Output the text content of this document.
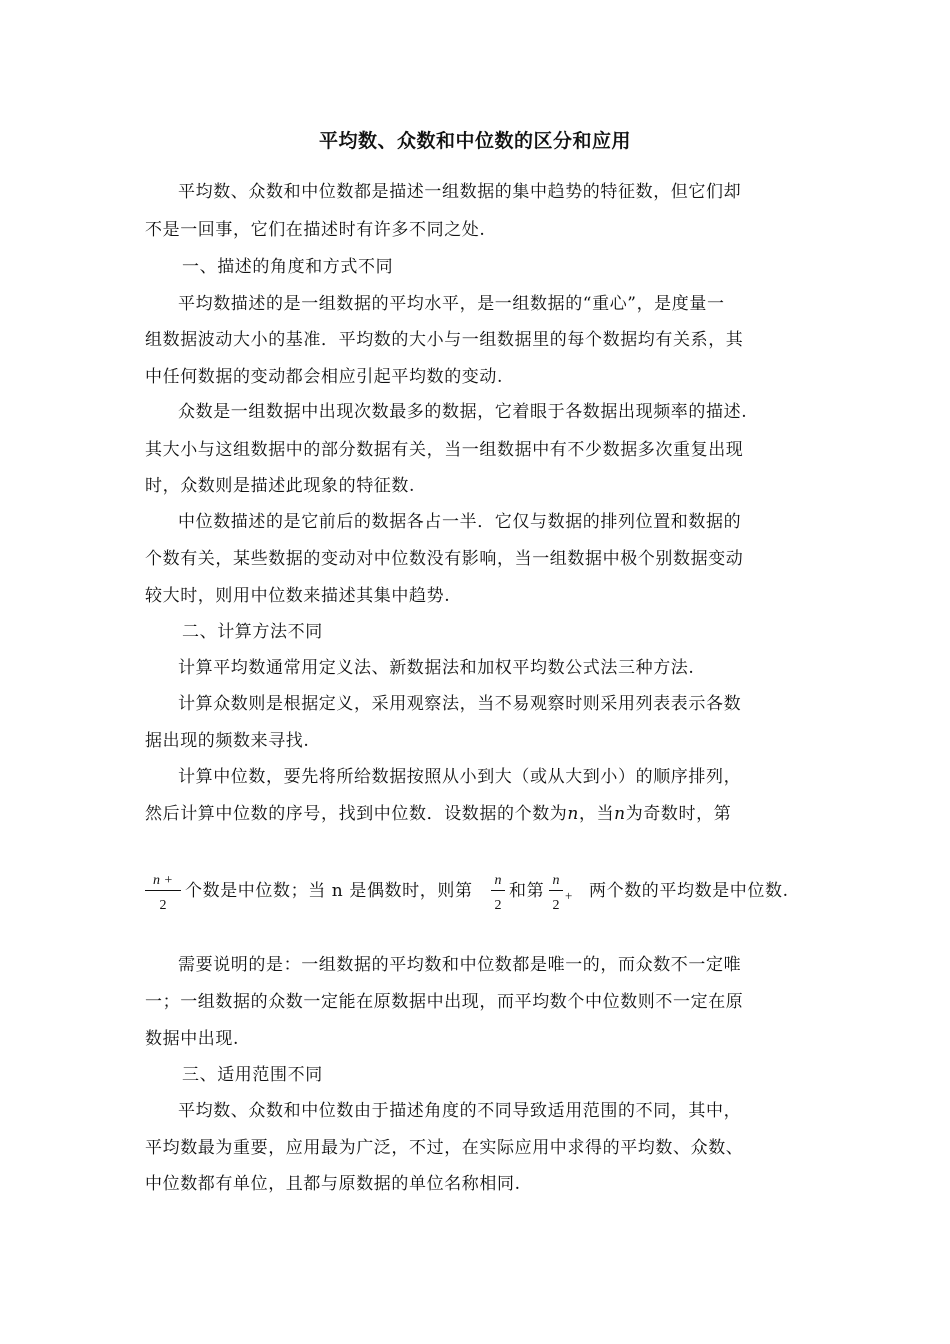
平均数、众数和中位数的区分和应用
平均数、众数和中位数都是描述一组数据的集中趋势的特征数，但它们却
不是一回事，它们在描述时有许多不同之处.
一、描述的角度和方式不同
平均数描述的是一组数据的平均水平，是一组数据的“重心”，是度量一
组数据波动大小的基准．平均数的大小与一组数据里的每个数据均有关系，其
中任何数据的变动都会相应引起平均数的变动.
众数是一组数据中出现次数最多的数据，它着眼于各数据出现频率的描述.
其大小与这组数据中的部分数据有关，当一组数据中有不少数据多次重复出现
时，众数则是描述此现象的特征数.
中位数描述的是它前后的数据各占一半．它仅与数据的排列位置和数据的
个数有关，某些数据的变动对中位数没有影响，当一组数据中极个别数据变动
较大时，则用中位数来描述其集中趋势.
二、计算方法不同
计算平均数通常用定义法、新数据法和加权平均数公式法三种方法.
计算众数则是根据定义，采用观察法，当不易观察时则采用列表表示各数
据出现的频数来寻找.
计算中位数，要先将所给数据按照从小到大（或从大到小）的顺序排列，
然后计算中位数的序号，找到中位数．设数据的个数为n，当n为奇数时，第
n +
2
个数是中位数；当 n 是偶数时，则第
n
2
和第
n
2
+ 两个数的平均数是中位数.
需要说明的是：一组数据的平均数和中位数都是唯一的，而众数不一定唯
一；一组数据的众数一定能在原数据中出现，而平均数个中位数则不一定在原
数据中出现.
三、适用范围不同
平均数、众数和中位数由于描述角度的不同导致适用范围的不同，其中，
平均数最为重要，应用最为广泛，不过，在实际应用中求得的平均数、众数、
中位数都有单位，且都与原数据的单位名称相同.
